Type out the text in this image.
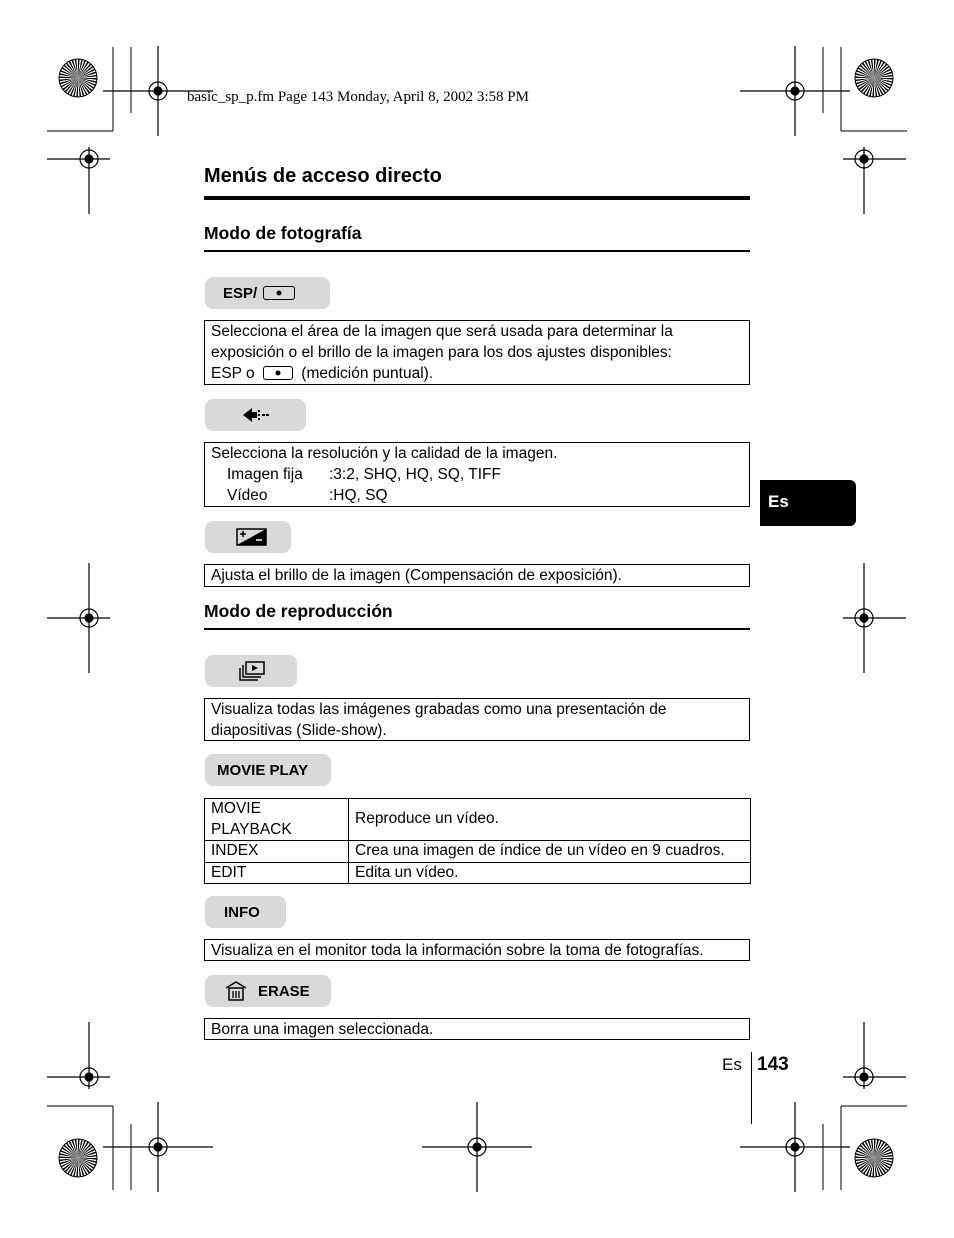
basic_sp_p.fm Page 143 Monday, April 8, 2002 3:58 PM
Menús de acceso directo
Modo de fotografía
ESP/
Selecciona el área de la imagen que será usada para determinar la
exposición o el brillo de la imagen para los dos ajustes disponibles:
ESP o	(medición puntual).
Selecciona la resolución y la calidad de la imagen.
Imagen fija	:3:2, SHQ, HQ, SQ, TIFF
Vídeo	:HQ, SQ
Ajusta el brillo de la imagen (Compensación de exposición).
Modo de reproducción
Visualiza todas las imágenes grabadas como una presentación de
diapositivas (Slide-show).
MOVIE PLAY
MOVIE
PLAYBACK	Reproduce un vídeo.
INDEX	Crea una imagen de índice de un vídeo en 9 cuadros.
EDIT	Edita un vídeo.
INFO
Visualiza en el monitor toda la información sobre la toma de fotografías.
ERASE
Borra una imagen seleccionada.
Es
Es 143
